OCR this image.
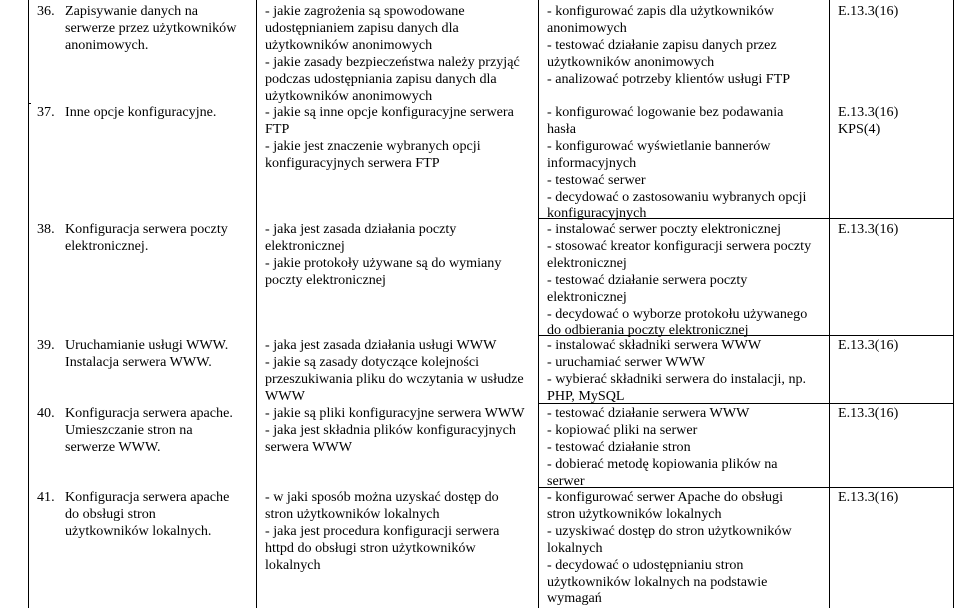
36. Zapisywanie danych na
serwerze przez użytkowników
anonimowych.
- jakie zagrożenia są spowodowane
udostępnianiem zapisu danych dla
użytkowników anonimowych
- jakie zasady bezpieczeństwa należy przyjąć
podczas udostępniania zapisu danych dla
użytkowników anonimowych
- konfigurować zapis dla użytkowników
anonimowych
- testować działanie zapisu danych przez
użytkowników anonimowych
- analizować potrzeby klientów usługi FTP
E.13.3(16)
37. Inne opcje konfiguracyjne.	- jakie są inne opcje konfiguracyjne serwera
FTP
- jakie jest znaczenie wybranych opcji
konfiguracyjnych serwera FTP
- konfigurować logowanie bez podawania
hasła
- konfigurować wyświetlanie bannerów
informacyjnych
- testować serwer
- decydować o zastosowaniu wybranych opcji
konfiguracyjnych
E.13.3(16)
KPS(4)
38. Konfiguracja serwera poczty
elektronicznej.
- jaka jest zasada działania poczty
elektronicznej
- jakie protokoły używane są do wymiany
poczty elektronicznej
- instalować serwer poczty elektronicznej
- stosować kreator konfiguracji serwera poczty
elektronicznej
- testować działanie serwera poczty
elektronicznej
- decydować o wyborze protokołu używanego
do odbierania poczty elektronicznej
E.13.3(16)
39. Uruchamianie usługi WWW.
Instalacja serwera WWW.
- jaka jest zasada działania usługi WWW
- jakie są zasady dotyczące kolejności
przeszukiwania pliku do wczytania w usłudze
WWW
- instalować składniki serwera WWW
- uruchamiać serwer WWW
- wybierać składniki serwera do instalacji, np.
PHP, MySQL
E.13.3(16)
40. Konfiguracja serwera apache.
Umieszczanie stron na
serwerze WWW.
- jakie są pliki konfiguracyjne serwera WWW
- jaka jest składnia plików konfiguracyjnych
serwera WWW
- testować działanie serwera WWW
- kopiować pliki na serwer
- testować działanie stron
- dobierać metodę kopiowania plików na
serwer
E.13.3(16)
41. Konfiguracja serwera apache
do obsługi stron
użytkowników lokalnych.
- w jaki sposób można uzyskać dostęp do
stron użytkowników lokalnych
- jaka jest procedura konfiguracji serwera
httpd do obsługi stron użytkowników
lokalnych
- konfigurować serwer Apache do obsługi
stron użytkowników lokalnych
- uzyskiwać dostęp do stron użytkowników
lokalnych
- decydować o udostępnianiu stron
użytkowników lokalnych na podstawie
wymagań
E.13.3(16)
